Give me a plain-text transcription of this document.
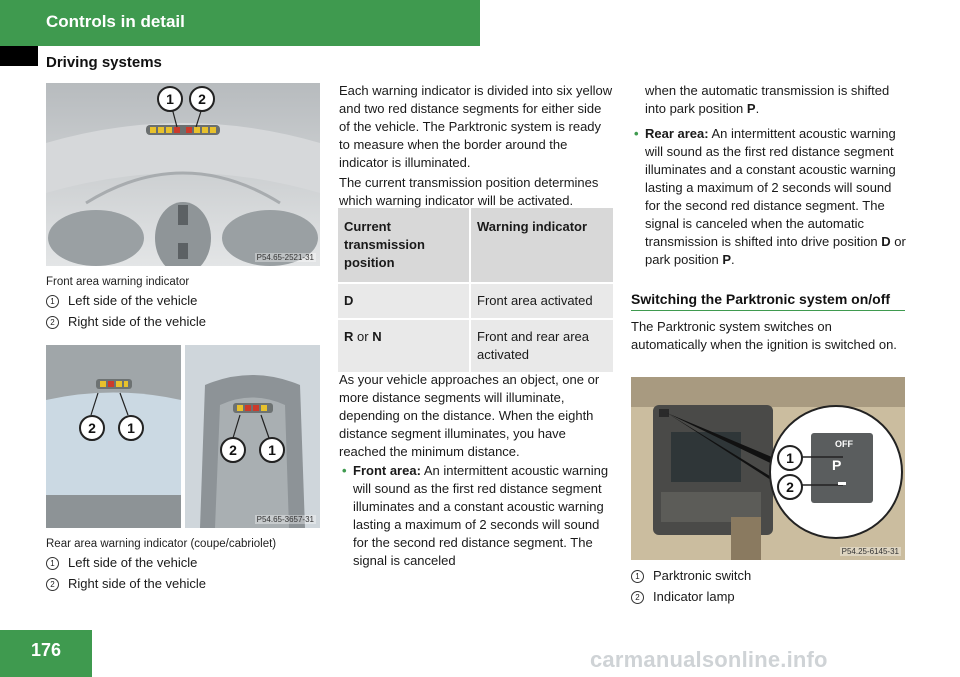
Controls in detail
Driving systems
1	2
P54.65-2521-31
Front area warning indicator
1 Left side of the vehicle
2 Right side of the vehicle
2	1
2	1
P54.65-3657-31
Rear area warning indicator (coupe/cabriolet)
1 Left side of the vehicle
2 Right side of the vehicle
Each warning indicator is divided into six yellow and two red distance segments for either side of the vehicle. The Parktronic system is ready to measure when the border around the indicator is illuminated.
The current transmission position determines which warning indicator will be activated.
Current transmission position	Warning indicator
D	Front area activated
R or N	Front and rear area activated
As your vehicle approaches an object, one or more distance segments will illuminate, depending on the distance. When the eighth distance segment illuminates, you have reached the minimum distance.
• Front area: An intermittent acoustic warning will sound as the first red distance segment illuminates and a constant acoustic warning lasting a maximum of 2 seconds will sound for the second red distance segment. The signal is canceled
when the automatic transmission is shifted into park position P.
• Rear area: An intermittent acoustic warning will sound as the first red distance segment illuminates and a constant acoustic warning lasting a maximum of 2 seconds will sound for the second red distance segment. The signal is canceled when the automatic transmission is shifted into drive position D or park position P.
Switching the Parktronic system on/off
The Parktronic system switches on automatically when the ignition is switched on.
OFF
P
1
2
P54.25-6145-31
1 Parktronic switch
2 Indicator lamp
176	carmanualsonline.info
